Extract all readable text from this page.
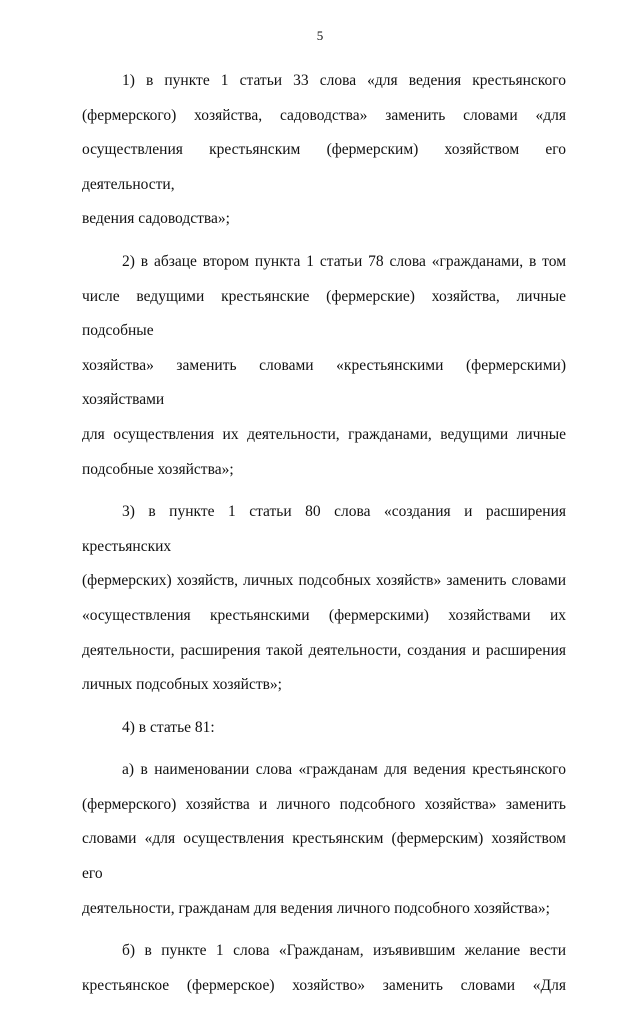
5

1) в пункте 1 статьи 33 слова «для ведения крестьянского
(фермерского) хозяйства, садоводства» заменить словами «для
осуществления крестьянским (фермерским) хозяйством его деятельности,
ведения садоводства»;

2) в абзаце втором пункта 1 статьи 78 слова «гражданами, в том
числе ведущими крестьянские (фермерские) хозяйства, личные подсобные
хозяйства» заменить словами «крестьянскими (фермерскими) хозяйствами
для осуществления их деятельности, гражданами, ведущими личные
подсобные хозяйства»;

3) в пункте 1 статьи 80 слова «создания и расширения крестьянских
(фермерских) хозяйств, личных подсобных хозяйств» заменить словами
«осуществления крестьянскими (фермерскими) хозяйствами их
деятельности, расширения такой деятельности, создания и расширения
личных подсобных хозяйств»;

4) в статье 81:

а) в наименовании слова «гражданам для ведения крестьянского
(фермерского) хозяйства и личного подсобного хозяйства» заменить
словами «для осуществления крестьянским (фермерским) хозяйством его
деятельности, гражданам для ведения личного подсобного хозяйства»;

б) в пункте 1 слова «Гражданам, изъявившим желание вести
крестьянское (фермерское) хозяйство» заменить словами «Для
